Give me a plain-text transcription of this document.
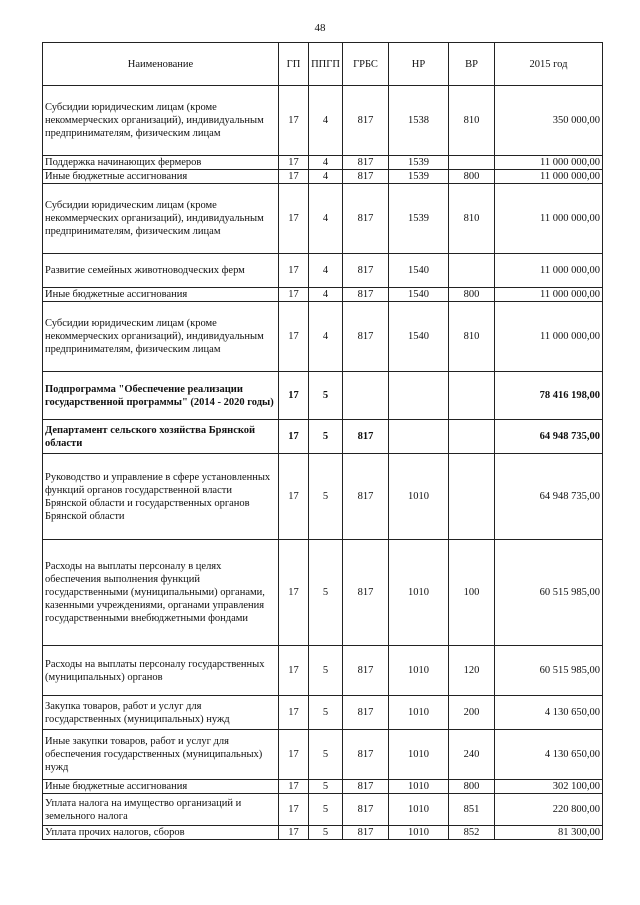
48
Наименование	ГП	ППГП	ГРБС	НР	ВР	2015 год
Субсидии юридическим лицам (кроме некоммерческих организаций), индивидуальным предпринимателям, физическим лицам	17	4	817	1538	810	350 000,00
Поддержка начинающих фермеров	17	4	817	1539		11 000 000,00
Иные бюджетные ассигнования	17	4	817	1539	800	11 000 000,00
Субсидии юридическим лицам (кроме некоммерческих организаций), индивидуальным предпринимателям, физическим лицам	17	4	817	1539	810	11 000 000,00
Развитие семейных животноводческих ферм	17	4	817	1540		11 000 000,00
Иные бюджетные ассигнования	17	4	817	1540	800	11 000 000,00
Субсидии юридическим лицам (кроме некоммерческих организаций), индивидуальным предпринимателям, физическим лицам	17	4	817	1540	810	11 000 000,00
Подпрограмма "Обеспечение реализации государственной программы" (2014 - 2020 годы)	17	5				78 416 198,00
Департамент сельского хозяйства Брянской области	17	5	817			64 948 735,00
Руководство и управление в сфере установленных функций органов государственной власти Брянской области и государственных органов Брянской области	17	5	817	1010		64 948 735,00
Расходы на выплаты персоналу в целях обеспечения выполнения функций государственными (муниципальными) органами, казенными учреждениями, органами управления государственными внебюджетными фондами	17	5	817	1010	100	60 515 985,00
Расходы на выплаты персоналу государственных (муниципальных) органов	17	5	817	1010	120	60 515 985,00
Закупка товаров, работ и услуг для государственных (муниципальных) нужд	17	5	817	1010	200	4 130 650,00
Иные закупки товаров, работ и услуг для обеспечения государственных (муниципальных) нужд	17	5	817	1010	240	4 130 650,00
Иные бюджетные ассигнования	17	5	817	1010	800	302 100,00
Уплата налога на имущество организаций и земельного налога	17	5	817	1010	851	220 800,00
Уплата прочих налогов, сборов	17	5	817	1010	852	81 300,00
